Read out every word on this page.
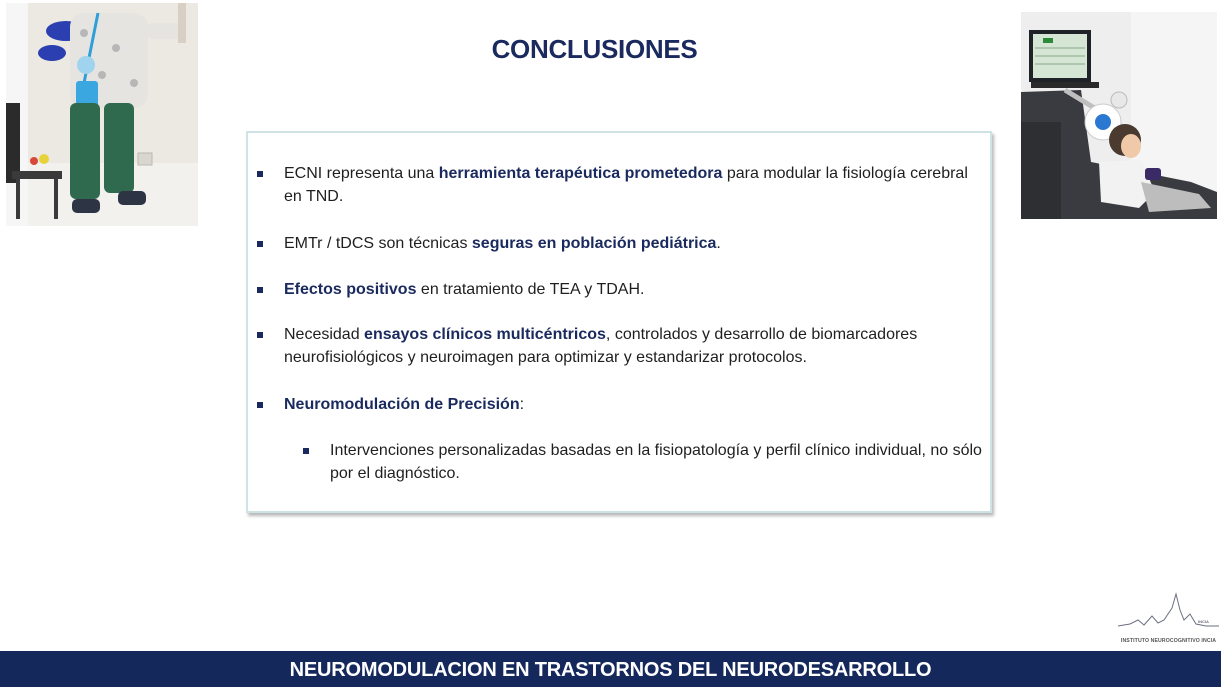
CONCLUSIONES
ECNI representa una herramienta terapéutica prometedora para modular la fisiología cerebral en TND.
EMTr / tDCS son técnicas seguras en población pediátrica.
Efectos positivos en tratamiento de TEA y TDAH.
Necesidad ensayos clínicos multicéntricos, controlados y desarrollo de biomarcadores neurofisiológicos y neuroimagen para optimizar y estandarizar protocolos.
Neuromodulación de Precisión:
Intervenciones personalizadas basadas en la fisiopatología y perfil clínico individual, no sólo por el diagnóstico.
INCIA
INSTITUTO NEUROCOGNITIVO INCIA
NEUROMODULACION EN TRASTORNOS DEL NEURODESARROLLO
